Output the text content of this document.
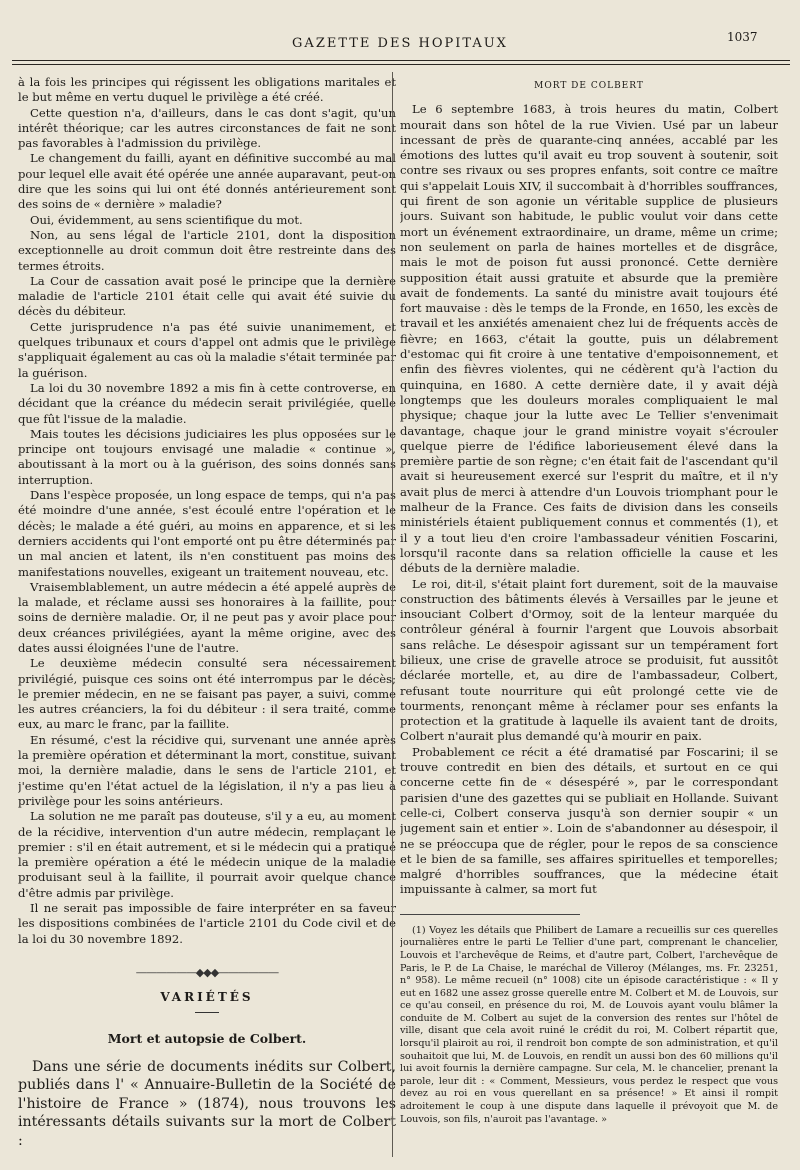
GAZETTE DES HOPITAUX	1037

à la fois les principes qui régissent les obligations maritales et le but même en vertu duquel le privilège a été créé.

Cette question n'a, d'ailleurs, dans le cas dont s'agit, qu'un intérêt théorique; car les autres circonstances de fait ne sont pas favorables à l'admission du privilège.

Le changement du failli, ayant en définitive succombé au mal pour lequel elle avait été opérée une année auparavant, peut-on dire que les soins qui lui ont été donnés antérieurement sont des soins de « dernière » maladie?

Oui, évidemment, au sens scientifique du mot.

Non, au sens légal de l'article 2101, dont la disposition exceptionnelle au droit commun doit être restreinte dans des termes étroits.

La Cour de cassation avait posé le principe que la dernière maladie de l'article 2101 était celle qui avait été suivie du décès du débiteur.

Cette jurisprudence n'a pas été suivie unanimement, et quelques tribunaux et cours d'appel ont admis que le privilège s'appliquait également au cas où la maladie s'était terminée par la guérison.

La loi du 30 novembre 1892 a mis fin à cette controverse, en décidant que la créance du médecin serait privilégiée, quelle que fût l'issue de la maladie.

Mais toutes les décisions judiciaires les plus opposées sur le principe ont toujours envisagé une maladie « continue », aboutissant à la mort ou à la guérison, des soins donnés sans interruption.

Dans l'espèce proposée, un long espace de temps, qui n'a pas été moindre d'une année, s'est écoulé entre l'opération et le décès; le malade a été guéri, au moins en apparence, et si les derniers accidents qui l'ont emporté ont pu être déterminés par un mal ancien et latent, ils n'en constituent pas moins des manifestations nouvelles, exigeant un traitement nouveau, etc.

Vraisemblablement, un autre médecin a été appelé auprès de la malade, et réclame aussi ses honoraires à la faillite, pour soins de dernière maladie. Or, il ne peut pas y avoir place pour deux créances privilégiées, ayant la même origine, avec des dates aussi éloignées l'une de l'autre.

Le deuxième médecin consulté sera nécessairement privilégié, puisque ces soins ont été interrompus par le décès; le premier médecin, en ne se faisant pas payer, a suivi, comme les autres créanciers, la foi du débiteur : il sera traité, comme eux, au marc le franc, par la faillite.

En résumé, c'est la récidive qui, survenant une année après la première opération et déterminant la mort, constitue, suivant moi, la dernière maladie, dans le sens de l'article 2101, et j'estime qu'en l'état actuel de la législation, il n'y a pas lieu à privilège pour les soins antérieurs.

La solution ne me paraît pas douteuse, s'il y a eu, au moment de la récidive, intervention d'un autre médecin, remplaçant le premier : s'il en était autrement, et si le médecin qui a pratiqué la première opération a été le médecin unique de la maladie produisant seul à la faillite, il pourrait avoir quelque chance d'être admis par privilège.

Il ne serait pas impossible de faire interpréter en sa faveur les dispositions combinées de l'article 2101 du Code civil et de la loi du 30 novembre 1892.

——————◆◆◆——————
VARIÉTÉS
Mort et autopsie de Colbert.

Dans une série de documents inédits sur Colbert, publiés dans l' « Annuaire-Bulletin de la Société de l'histoire de France » (1874), nous trouvons les intéressants détails suivants sur la mort de Colbert :

MORT DE COLBERT

Le 6 septembre 1683, à trois heures du matin, Colbert mourait dans son hôtel de la rue Vivien. Usé par un labeur incessant de près de quarante-cinq années, accablé par les émotions des luttes qu'il avait eu trop souvent à soutenir, soit contre ses rivaux ou ses propres enfants, soit contre ce maître qui s'appelait Louis XIV, il succombait à d'horribles souffrances, qui firent de son agonie un véritable supplice de plusieurs jours. Suivant son habitude, le public voulut voir dans cette mort un événement extraordinaire, un drame, même un crime; non seulement on parla de haines mortelles et de disgrâce, mais le mot de poison fut aussi prononcé. Cette dernière supposition était aussi gratuite et absurde que la première avait de fondements. La santé du ministre avait toujours été fort mauvaise : dès le temps de la Fronde, en 1650, les excès de travail et les anxiétés amenaient chez lui de fréquents accès de fièvre; en 1663, c'était la goutte, puis un délabrement d'estomac qui fit croire à une tentative d'empoisonnement, et enfin des fièvres violentes, qui ne cédèrent qu'à l'action du quinquina, en 1680. A cette dernière date, il y avait déjà longtemps que les douleurs morales compliquaient le mal physique; chaque jour la lutte avec Le Tellier s'envenimait davantage, chaque jour le grand ministre voyait s'écrouler quelque pierre de l'édifice laborieusement élevé dans la première partie de son règne; c'en était fait de l'ascendant qu'il avait si heureusement exercé sur l'esprit du maître, et il n'y avait plus de merci à attendre d'un Louvois triomphant pour le malheur de la France. Ces faits de division dans les conseils ministériels étaient publiquement connus et commentés (1), et il y a tout lieu d'en croire l'ambassadeur vénitien Foscarini, lorsqu'il raconte dans sa relation officielle la cause et les débuts de la dernière maladie.

Le roi, dit-il, s'était plaint fort durement, soit de la mauvaise construction des bâtiments élevés à Versailles par le jeune et insouciant Colbert d'Ormoy, soit de la lenteur marquée du contrôleur général à fournir l'argent que Louvois absorbait sans relâche. Le désespoir agissant sur un tempérament fort bilieux, une crise de gravelle atroce se produisit, fut aussitôt déclarée mortelle, et, au dire de l'ambassadeur, Colbert, refusant toute nourriture qui eût prolongé cette vie de tourments, renonçant même à réclamer pour ses enfants la protection et la gratitude à laquelle ils avaient tant de droits, Colbert n'aurait plus demandé qu'à mourir en paix.

Probablement ce récit a été dramatisé par Foscarini; il se trouve contredit en bien des détails, et surtout en ce qui concerne cette fin de « désespéré », par le correspondant parisien d'une des gazettes qui se publiait en Hollande. Suivant celle-ci, Colbert conserva jusqu'à son dernier soupir « un jugement sain et entier ». Loin de s'abandonner au désespoir, il ne se préoccupa que de régler, pour le repos de sa conscience et le bien de sa famille, ses affaires spirituelles et temporelles; malgré d'horribles souffrances, que la médecine était impuissante à calmer, sa mort fut

(1) Voyez les détails que Philibert de Lamare a recueillis sur ces querelles journalières entre le parti Le Tellier d'une part, comprenant le chancelier, Louvois et l'archevêque de Reims, et d'autre part, Colbert, l'archevêque de Paris, le P. de La Chaise, le maréchal de Villeroy (Mélanges, ms. Fr. 23251, n° 958). Le même recueil (n° 1008) cite un épisode caractéristique : « Il y eut en 1682 une assez grosse querelle entre M. Colbert et M. de Louvois, sur ce qu'au conseil, en présence du roi, M. de Louvois ayant voulu blâmer la conduite de M. Colbert au sujet de la conversion des rentes sur l'hôtel de ville, disant que cela avoit ruiné le crédit du roi, M. Colbert répartit que, lorsqu'il plairoit au roi, il rendroit bon compte de son administration, et qu'il souhaitoit que lui, M. de Louvois, en rendît un aussi bon des 60 millions qu'il lui avoit fournis la dernière campagne. Sur cela, M. le chancelier, prenant la parole, leur dit : « Comment, Messieurs, vous perdez le respect que vous devez au roi en vous querellant en sa présence! » Et ainsi il rompit adroitement le coup à une dispute dans laquelle il prévoyoit que M. de Louvois, son fils, n'auroit pas l'avantage. »
